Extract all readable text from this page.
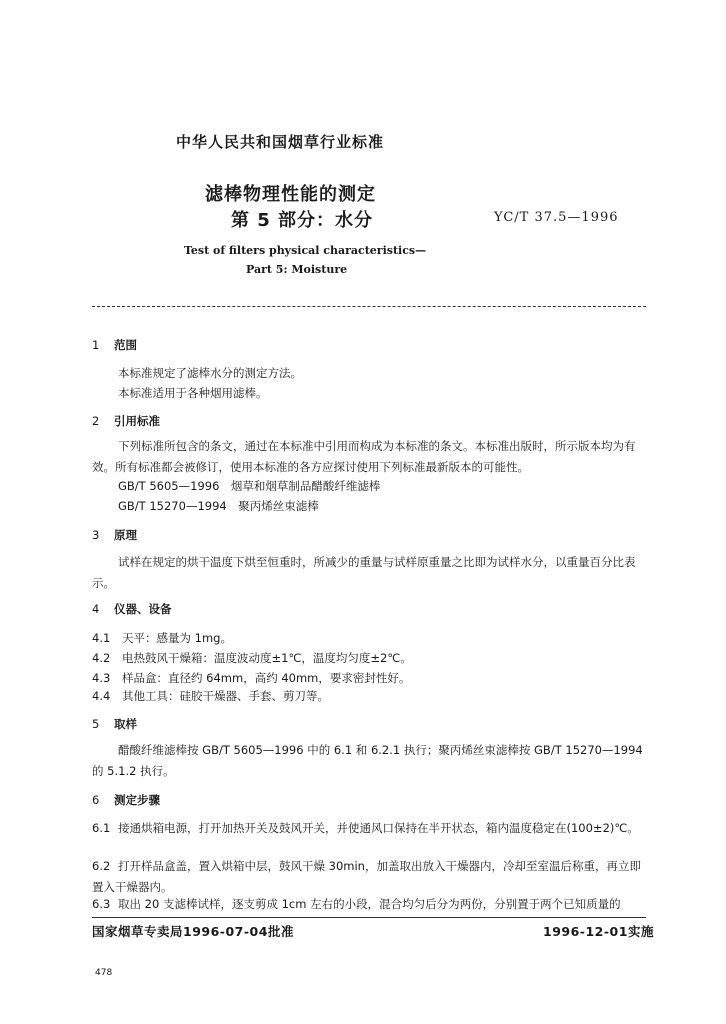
中华人民共和国烟草行业标准
滤棒物理性能的测定
第 5 部分：水分	YC/T 37.5—1996
Test of filters physical characteristics—
Part 5: Moisture
1 范围
本标准规定了滤棒水分的测定方法。
本标准适用于各种烟用滤棒。
2 引用标准
下列标准所包含的条文，通过在本标准中引用而构成为本标准的条文。本标准出版时，所示版本均为有效。所有标准都会被修订，使用本标准的各方应探讨使用下列标准最新版本的可能性。
GB/T 5605—1996　烟草和烟草制品醋酸纤维滤棒
GB/T 15270—1994　聚丙烯丝束滤棒
3 原理
试样在规定的烘干温度下烘至恒重时，所减少的重量与试样原重量之比即为试样水分，以重量百分比表示。
4 仪器、设备
4.1 天平：感量为 1mg。
4.2 电热鼓风干燥箱：温度波动度±1℃，温度均匀度±2℃。
4.3 样品盒：直径约 64mm，高约 40mm，要求密封性好。
4.4 其他工具：硅胶干燥器、手套、剪刀等。
5 取样
醋酸纤维滤棒按 GB/T 5605—1996 中的 6.1 和 6.2.1 执行；聚丙烯丝束滤棒按 GB/T 15270—1994 的 5.1.2 执行。
6 测定步骤
6.1 接通烘箱电源，打开加热开关及鼓风开关，并使通风口保持在半开状态，箱内温度稳定在(100±2)℃。
6.2 打开样品盒盖，置入烘箱中层，鼓风干燥 30min，加盖取出放入干燥器内，冷却至室温后称重，再立即置入干燥器内。
6.3 取出 20 支滤棒试样，逐支剪成 1cm 左右的小段，混合均匀后分为两份，分别置于两个已知质量的
国家烟草专卖局1996-07-04批准	1996-12-01实施
478
